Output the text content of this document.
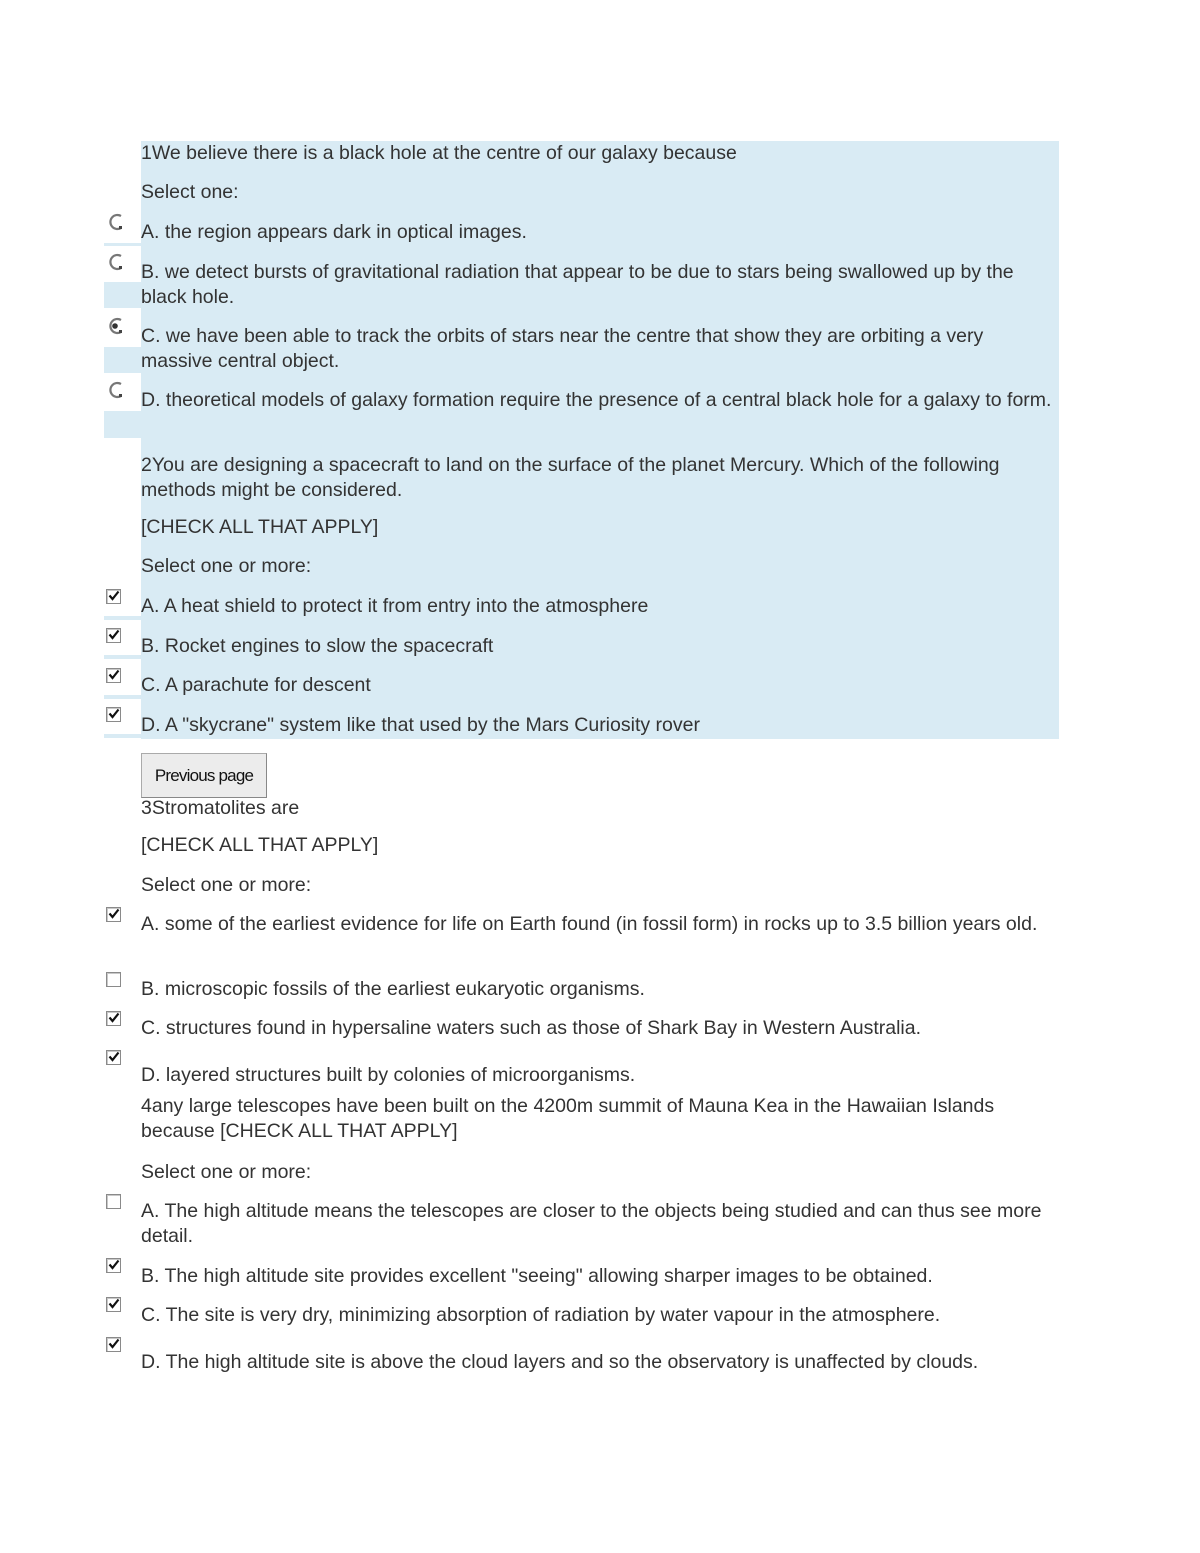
1We believe there is a black hole at the centre of our galaxy because
Select one:
A. the region appears dark in optical images.
B. we detect bursts of gravitational radiation that appear to be due to stars being swallowed up by the black hole.
C. we have been able to track the orbits of stars near the centre that show they are orbiting a very massive central object.
D. theoretical models of galaxy formation require the presence of a central black hole for a galaxy to form.
2You are designing a spacecraft to land on the surface of the planet Mercury. Which of the following methods might be considered.
[CHECK ALL THAT APPLY]
Select one or more:
A. A heat shield to protect it from entry into the atmosphere
B. Rocket engines to slow the spacecraft
C. A parachute for descent
D. A "skycrane" system like that used by the Mars Curiosity rover
Previous page
3Stromatolites are
[CHECK ALL THAT APPLY]
Select one or more:
A. some of the earliest evidence for life on Earth found (in fossil form) in rocks up to 3.5 billion years old.
B. microscopic fossils of the earliest eukaryotic organisms.
C. structures found in hypersaline waters such as those of Shark Bay in Western Australia.
D. layered structures built by colonies of microorganisms.
4any large telescopes have been built on the 4200m summit of Mauna Kea in the Hawaiian Islands because [CHECK ALL THAT APPLY]
Select one or more:
A. The high altitude means the telescopes are closer to the objects being studied and can thus see more detail.
B. The high altitude site provides excellent "seeing" allowing sharper images to be obtained.
C. The site is very dry, minimizing absorption of radiation by water vapour in the atmosphere.
D. The high altitude site is above the cloud layers and so the observatory is unaffected by clouds.
